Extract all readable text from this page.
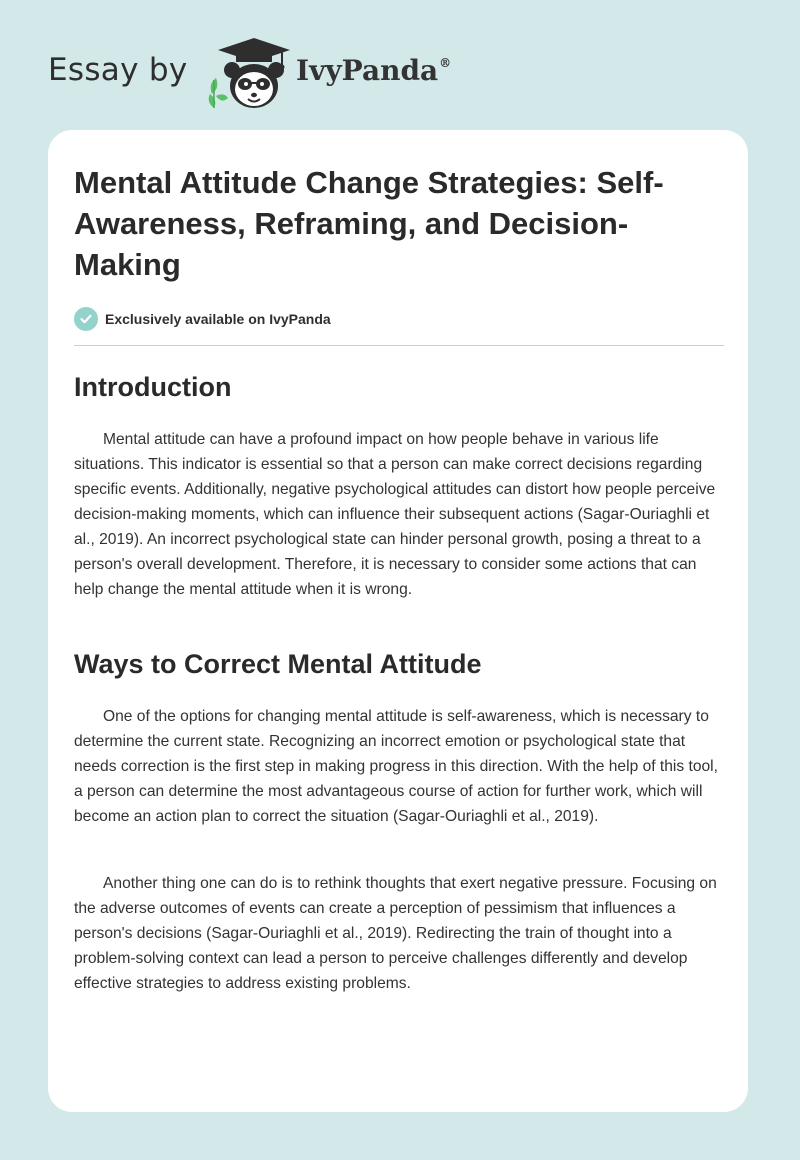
Essay by	IvyPanda®
Mental Attitude Change Strategies: Self-Awareness, Reframing, and Decision-Making
Exclusively available on IvyPanda
Introduction

Mental attitude can have a profound impact on how people behave in various life situations. This indicator is essential so that a person can make correct decisions regarding specific events. Additionally, negative psychological attitudes can distort how people perceive decision-making moments, which can influence their subsequent actions (Sagar-Ouriaghli et al., 2019). An incorrect psychological state can hinder personal growth, posing a threat to a person's overall development. Therefore, it is necessary to consider some actions that can help change the mental attitude when it is wrong.

Ways to Correct Mental Attitude

One of the options for changing mental attitude is self-awareness, which is necessary to determine the current state. Recognizing an incorrect emotion or psychological state that needs correction is the first step in making progress in this direction. With the help of this tool, a person can determine the most advantageous course of action for further work, which will become an action plan to correct the situation (Sagar-Ouriaghli et al., 2019).

Another thing one can do is to rethink thoughts that exert negative pressure. Focusing on the adverse outcomes of events can create a perception of pessimism that influences a person's decisions (Sagar-Ouriaghli et al., 2019). Redirecting the train of thought into a problem-solving context can lead a person to perceive challenges differently and develop effective strategies to address existing problems.
